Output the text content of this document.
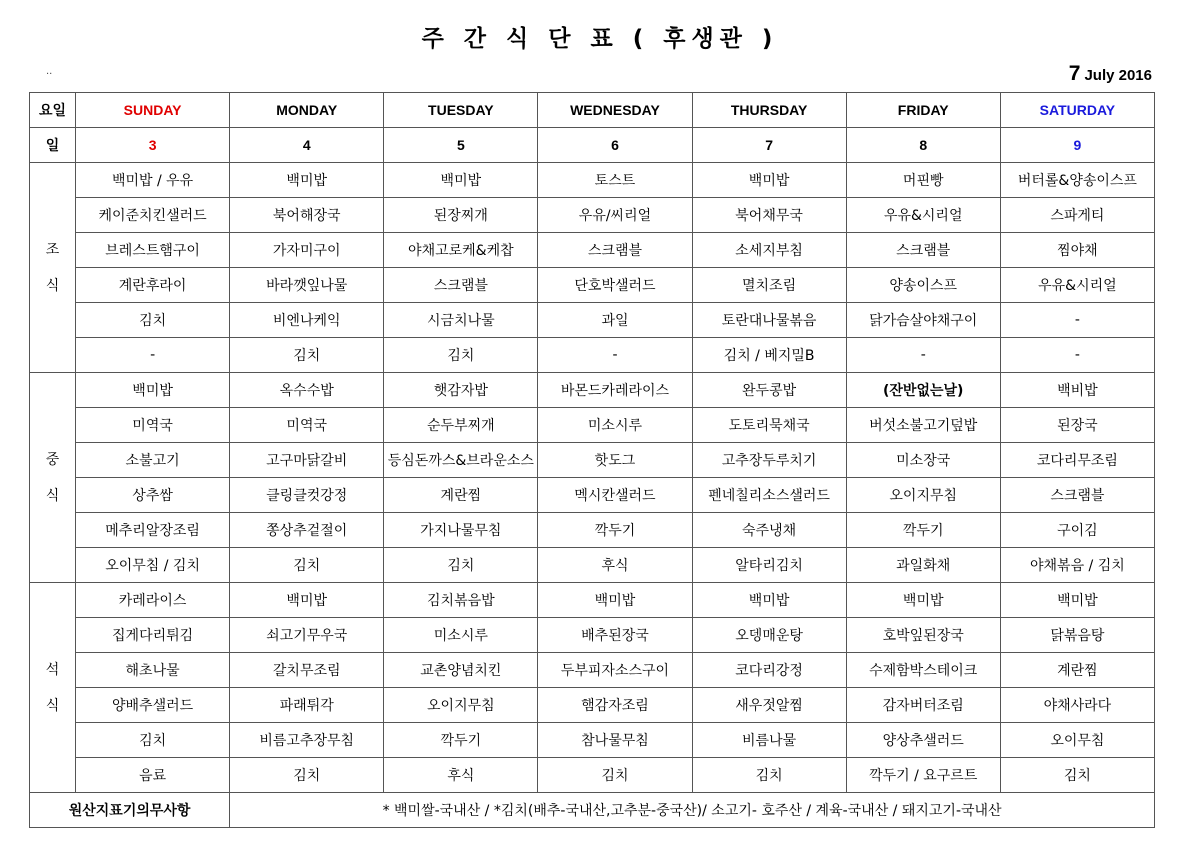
주 간 식 단 표 ( 후생관 )
..	7 July 2016
요일	SUNDAY	MONDAY	TUESDAY	WEDNESDAY	THURSDAY	FRIDAY	SATURDAY
일	3	4	5	6	7	8	9

조
식	백미밥 / 우유	백미밥	백미밥	토스트	백미밥	머핀빵	버터롤&양송이스프
	케이준치킨샐러드	북어해장국	된장찌개	우유/씨리얼	북어채무국	우유&시리얼	스파게티
	브레스트햄구이	가자미구이	야채고로케&케찹	스크램블	소세지부침	스크램블	찜야채
	계란후라이	바라깻잎나물	스크램블	단호박샐러드	멸치조림	양송이스프	우유&시리얼
	김치	비엔나케익	시금치나물	과일	토란대나물볶음	닭가슴살야채구이	-
	-	김치	김치	-	김치 / 베지밀B	-	-

중
식	백미밥	옥수수밥	햇감자밥	바몬드카레라이스	완두콩밥	(잔반없는날)	백비밥
	미역국	미역국	순두부찌개	미소시루	도토리묵채국	버섯소불고기덮밥	된장국
	소불고기	고구마닭갈비	등심돈까스&브라운소스	핫도그	고추장두루치기	미소장국	코다리무조림
	상추쌈	클링클컷강정	계란찜	멕시칸샐러드	펜네칠리소스샐러드	오이지무침	스크램블
	메추리알장조림	쫑상추겉절이	가지나물무침	깍두기	숙주냉채	깍두기	구이김
	오이무침 / 김치	김치	김치	후식	알타리김치	과일화채	야채볶음 / 김치

석
식	카레라이스	백미밥	김치볶음밥	백미밥	백미밥	백미밥	백미밥
	집게다리튀김	쇠고기무우국	미소시루	배추된장국	오뎅매운탕	호박잎된장국	닭볶음탕
	해초나물	갈치무조림	교촌양념치킨	두부피자소스구이	코다리강정	수제함박스테이크	계란찜
	양배추샐러드	파래튀각	오이지무침	햄감자조림	새우젓알찜	감자버터조림	야채사라다
	김치	비름고추장무침	깍두기	참나물무침	비름나물	양상추샐러드	오이무침
	음료	김치	후식	김치	김치	깍두기 / 요구르트	김치
원산지표기의무사항		* 백미쌀-국내산 / *김치(배추-국내산,고추분-중국산)/ 소고기- 호주산 / 계육-국내산 / 돼지고기-국내산					
